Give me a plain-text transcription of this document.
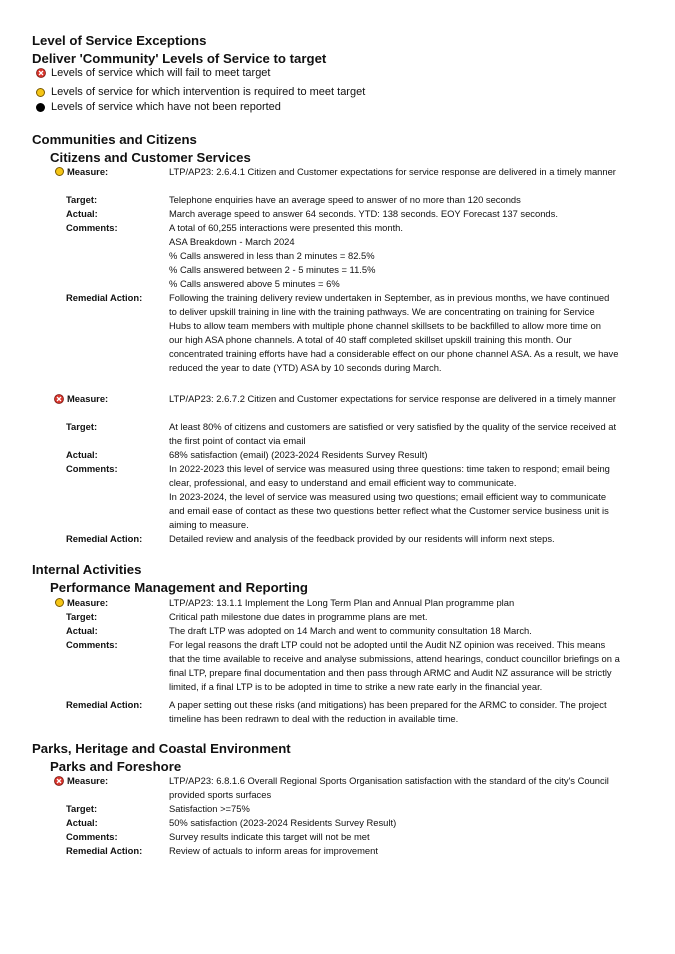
Level of Service Exceptions
Deliver 'Community' Levels of Service to target
Levels of service which will fail to meet target
Levels of service for which intervention is required to meet target
Levels of service which have not been reported
Communities and Citizens
Citizens and Customer Services
Measure:	LTP/AP23: 2.6.4.1 Citizen and Customer expectations for service response are delivered in a timely manner
Target:	Telephone enquiries have an average speed to answer of no more than 120 seconds
Actual:	March average speed to answer 64 seconds. YTD: 138 seconds. EOY Forecast 137 seconds.
Comments:	A total of 60,255 interactions were presented this month.
ASA Breakdown - March 2024
% Calls answered in less than 2 minutes = 82.5%
% Calls answered between 2 - 5 minutes = 11.5%
% Calls answered above 5 minutes = 6%
Remedial Action:	Following the training delivery review undertaken in September, as in previous months, we have continued
to deliver upskill training in line with the training pathways. We are concentrating on training for Service
Hubs to allow team members with multiple phone channel skillsets to be backfilled to allow more time on
our high ASA phone channels. A total of 40 staff completed skillset upskill training this month. Our
concentrated training efforts have had a considerable effect on our phone channel ASA. As a result, we have
reduced the year to date (YTD) ASA by 10 seconds during March.
Measure:	LTP/AP23: 2.6.7.2 Citizen and Customer expectations for service response are delivered in a timely manner
Target:	At least 80% of citizens and customers are satisfied or very satisfied by the quality of the service received at
the first point of contact via email
Actual:	68% satisfaction (email) (2023-2024 Residents Survey Result)
Comments:	In 2022-2023 this level of service was measured using three questions: time taken to respond; email being
clear, professional, and easy to understand and email efficient way to communicate.
In 2023-2024, the level of service was measured using two questions; email efficient way to communicate
and email ease of contact as these two questions better reflect what the Customer service business unit is
aiming to measure.
Remedial Action:	Detailed review and analysis of the feedback provided by our residents will inform next steps.
Internal Activities
Performance Management and Reporting
Measure:	LTP/AP23: 13.1.1 Implement the Long Term Plan and Annual Plan programme plan
Target:	Critical path milestone due dates in programme plans are met.
Actual:	The draft LTP was adopted on 14 March and went to community consultation 18 March.
Comments:	For legal reasons the draft LTP could not be adopted until the Audit NZ opinion was received. This means
that the time available to receive and analyse submissions, attend hearings, conduct councillor briefings on a
final LTP, prepare final documentation and then pass through ARMC and Audit NZ assurance will be strictly
limited, if a final LTP is to be adopted in time to strike a new rate early in the financial year.
Remedial Action:	A paper setting out these risks (and mitigations) has been prepared for the ARMC to consider. The project
timeline has been redrawn to deal with the reduction in available time.
Parks, Heritage and Coastal Environment
Parks and Foreshore
Measure:	LTP/AP23: 6.8.1.6 Overall Regional Sports Organisation satisfaction with the standard of the city's Council
provided sports surfaces
Target:	Satisfaction >=75%
Actual:	50% satisfaction (2023-2024 Residents Survey Result)
Comments:	Survey results indicate this target will not be met
Remedial Action:	Review of actuals to inform areas for improvement
